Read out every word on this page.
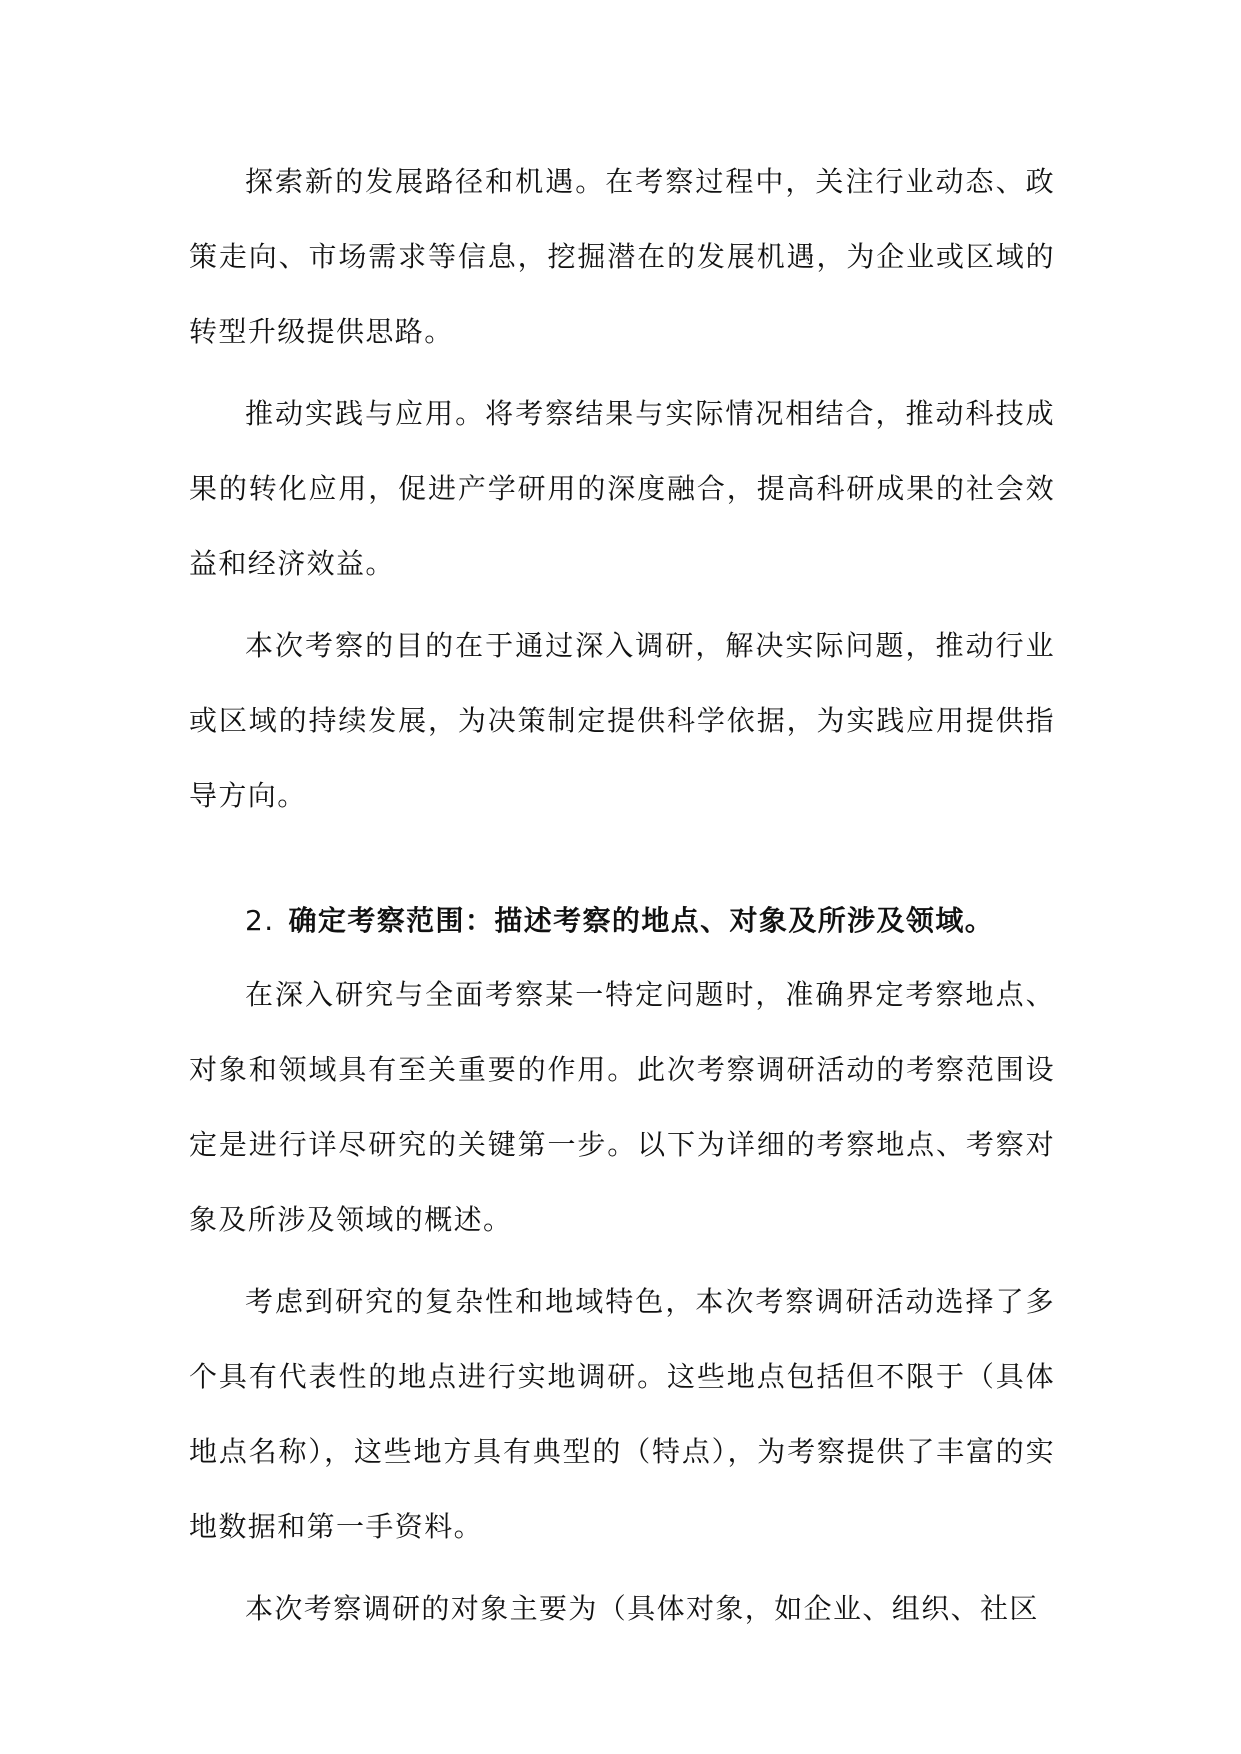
探索新的发展路径和机遇。在考察过程中，关注行业动态、政策走向、市场需求等信息，挖掘潜在的发展机遇，为企业或区域的转型升级提供思路。

推动实践与应用。将考察结果与实际情况相结合，推动科技成果的转化应用，促进产学研用的深度融合，提高科研成果的社会效益和经济效益。

本次考察的目的在于通过深入调研，解决实际问题，推动行业或区域的持续发展，为决策制定提供科学依据，为实践应用提供指导方向。

2. 确定考察范围：描述考察的地点、对象及所涉及领域。

在深入研究与全面考察某一特定问题时，准确界定考察地点、对象和领域具有至关重要的作用。此次考察调研活动的考察范围设定是进行详尽研究的关键第一步。以下为详细的考察地点、考察对象及所涉及领域的概述。

考虑到研究的复杂性和地域特色，本次考察调研活动选择了多个具有代表性的地点进行实地调研。这些地点包括但不限于（具体地点名称），这些地方具有典型的（特点），为考察提供了丰富的实地数据和第一手资料。

本次考察调研的对象主要为（具体对象，如企业、组织、社区
